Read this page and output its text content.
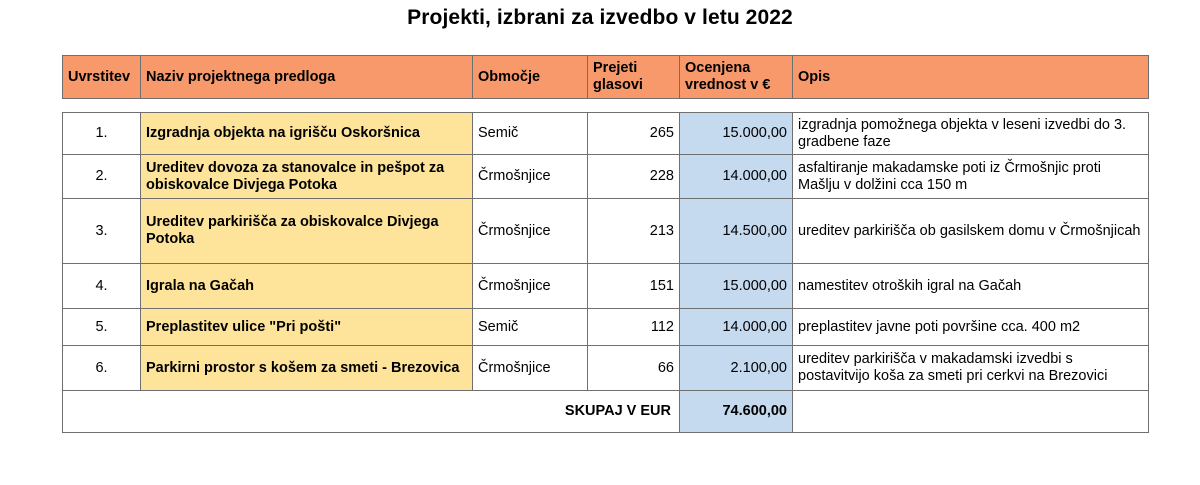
Projekti, izbrani za izvedbo v letu 2022
Uvrstitev	Naziv projektnega predloga	Območje	Prejeti glasovi	Ocenjena vrednost v €	Opis
1.	Izgradnja objekta na igrišču Oskoršnica	Semič	265	15.000,00	izgradnja pomožnega objekta v leseni izvedbi do 3. gradbene faze
2.	Ureditev dovoza za stanovalce in pešpot za obiskovalce Divjega Potoka	Črmošnjice	228	14.000,00	asfaltiranje makadamske poti iz Črmošnjic proti Mašlju v dolžini cca 150 m
3.	Ureditev parkirišča za obiskovalce Divjega Potoka	Črmošnjice	213	14.500,00	ureditev parkirišča ob gasilskem domu v Črmošnjicah
4.	Igrala na Gačah	Črmošnjice	151	15.000,00	namestitev otroških igral na Gačah
5.	Preplastitev ulice "Pri pošti"	Semič	112	14.000,00	preplastitev javne poti površine cca. 400 m2
6.	Parkirni prostor s košem za smeti - Brezovica	Črmošnjice	66	2.100,00	ureditev parkirišča v makadamski izvedbi s postavitvijo koša za smeti pri cerkvi na Brezovici
SKUPAJ V EUR				74.600,00	
